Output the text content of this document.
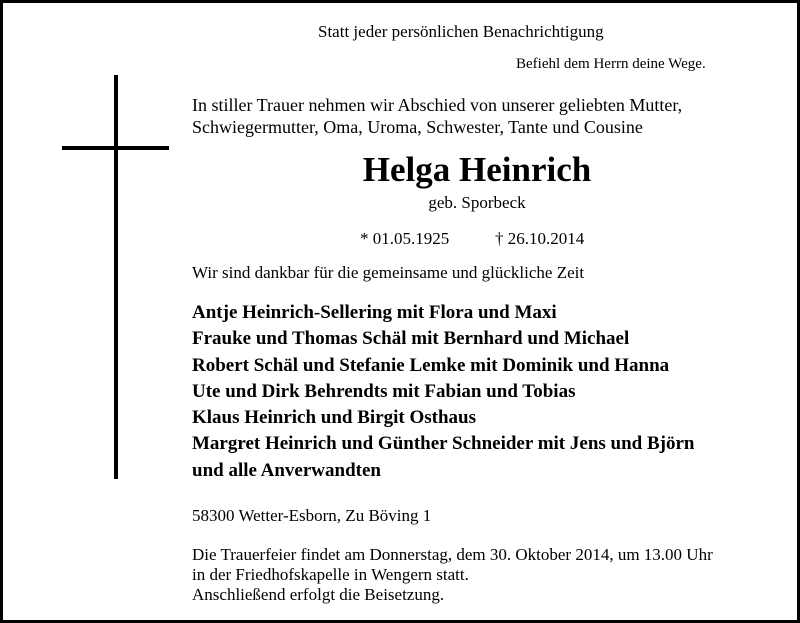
Statt jeder persönlichen Benachrichtigung
Befiehl dem Herrn deine Wege.
In stiller Trauer nehmen wir Abschied von unserer geliebten Mutter,
Schwiegermutter, Oma, Uroma, Schwester, Tante und Cousine
Helga Heinrich
geb. Sporbeck
* 01.05.1925	† 26.10.2014
Wir sind dankbar für die gemeinsame und glückliche Zeit
Antje Heinrich-Sellering mit Flora und Maxi
Frauke und Thomas Schäl mit Bernhard und Michael
Robert Schäl und Stefanie Lemke mit Dominik und Hanna
Ute und Dirk Behrendts mit Fabian und Tobias
Klaus Heinrich und Birgit Osthaus
Margret Heinrich und Günther Schneider mit Jens und Björn
und alle Anverwandten
58300 Wetter-Esborn, Zu Böving 1
Die Trauerfeier findet am Donnerstag, dem 30. Oktober 2014, um 13.00 Uhr
in der Friedhofskapelle in Wengern statt.
Anschließend erfolgt die Beisetzung.
